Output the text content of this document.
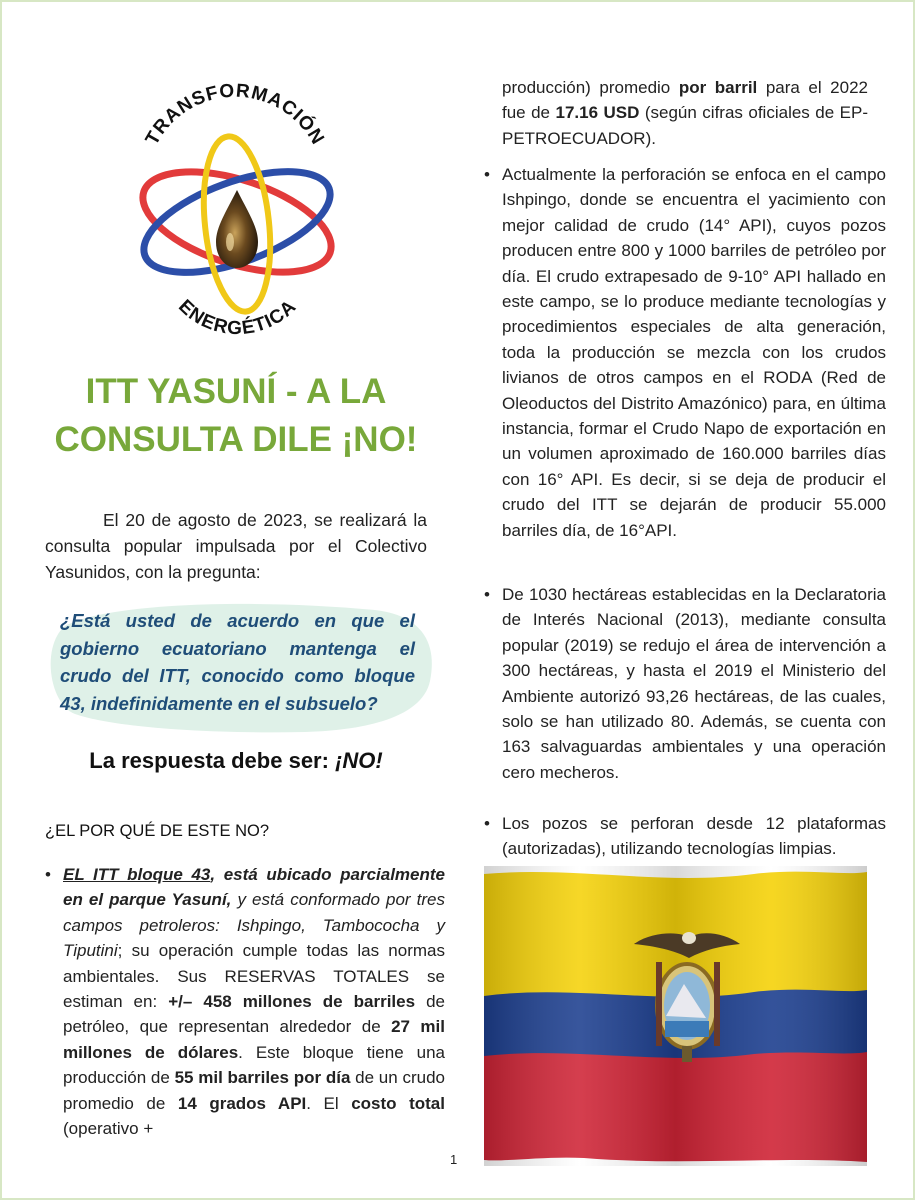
TRANSFORMACIÓN
ENERGÉTICA
ITT YASUNÍ - A LA
CONSULTA DILE ¡NO!
El 20 de agosto de 2023, se realizará la consulta popular impulsada por el Colectivo Yasunidos, con la pregunta:
¿Está usted de acuerdo en que el gobierno ecuatoriano mantenga el crudo del ITT, conocido como bloque 43, indefinidamente en el subsuelo?
La respuesta debe ser: ¡NO!
¿EL POR QUÉ DE ESTE NO?
• EL ITT bloque 43, está ubicado parcialmente en el parque Yasuní, y está conformado por tres campos petroleros: Ishpingo, Tambococha y Tiputini; su operación cumple todas las normas ambientales. Sus RESERVAS TOTALES se estiman en: +/– 458 millones de barriles de petróleo, que representan alrededor de 27 mil millones de dólares. Este bloque tiene una producción de 55 mil barriles por día de un crudo promedio de 14 grados API. El costo total (operativo +
producción) promedio por barril para el 2022 fue de 17.16 USD (según cifras oficiales de EP-PETROECUADOR).
• Actualmente la perforación se enfoca en el campo Ishpingo, donde se encuentra el yacimiento con mejor calidad de crudo (14° API), cuyos pozos producen entre 800 y 1000 barriles de petróleo por día. El crudo extrapesado de 9-10° API hallado en este campo, se lo produce mediante tecnologías y procedimientos especiales de alta generación, toda la producción se mezcla con los crudos livianos de otros campos en el RODA (Red de Oleoductos del Distrito Amazónico) para, en última instancia, formar el Crudo Napo de exportación en un volumen aproximado de 160.000 barriles días con 16° API. Es decir, si se deja de producir el crudo del ITT se dejarán de producir 55.000 barriles día, de 16°API.
• De 1030 hectáreas establecidas en la Declaratoria de Interés Nacional (2013), mediante consulta popular (2019) se redujo el área de intervención a 300 hectáreas, y hasta el 2019 el Ministerio del Ambiente autorizó 93,26 hectáreas, de las cuales, solo se han utilizado 80. Además, se cuenta con 163 salvaguardas ambientales y una operación cero mecheros.
• Los pozos se perforan desde 12 plataformas (autorizadas), utilizando tecnologías limpias.
1
